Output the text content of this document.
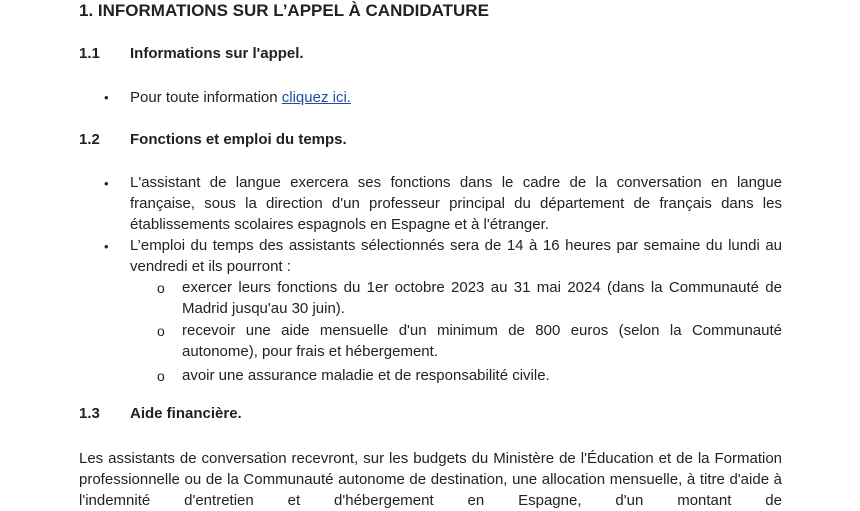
1. INFORMATIONS SUR L’APPEL À CANDIDATURE
1.1 Informations sur l'appel.
• Pour toute information cliquez ici.
1.2 Fonctions et emploi du temps.
• L'assistant de langue exercera ses fonctions dans le cadre de la conversation en langue française, sous la direction d'un professeur principal du département de français dans les établissements scolaires espagnols en Espagne et à l'étranger.
• L’emploi du temps des assistants sélectionnés sera de 14 à 16 heures par semaine du lundi au vendredi et ils pourront :
o exercer leurs fonctions du 1er octobre 2023 au 31 mai 2024 (dans la Communauté de Madrid jusqu'au 30 juin).
o recevoir une aide mensuelle d'un minimum de 800 euros (selon la Communauté autonome), pour frais et hébergement.
o avoir une assurance maladie et de responsabilité civile.
1.3 Aide financière.

Les assistants de conversation recevront, sur les budgets du Ministère de l'Éducation et de la Formation professionnelle ou de la Communauté autonome de destination, une allocation mensuelle, à titre d'aide à l'indemnité d'entretien et d'hébergement en Espagne, d'un montant de
